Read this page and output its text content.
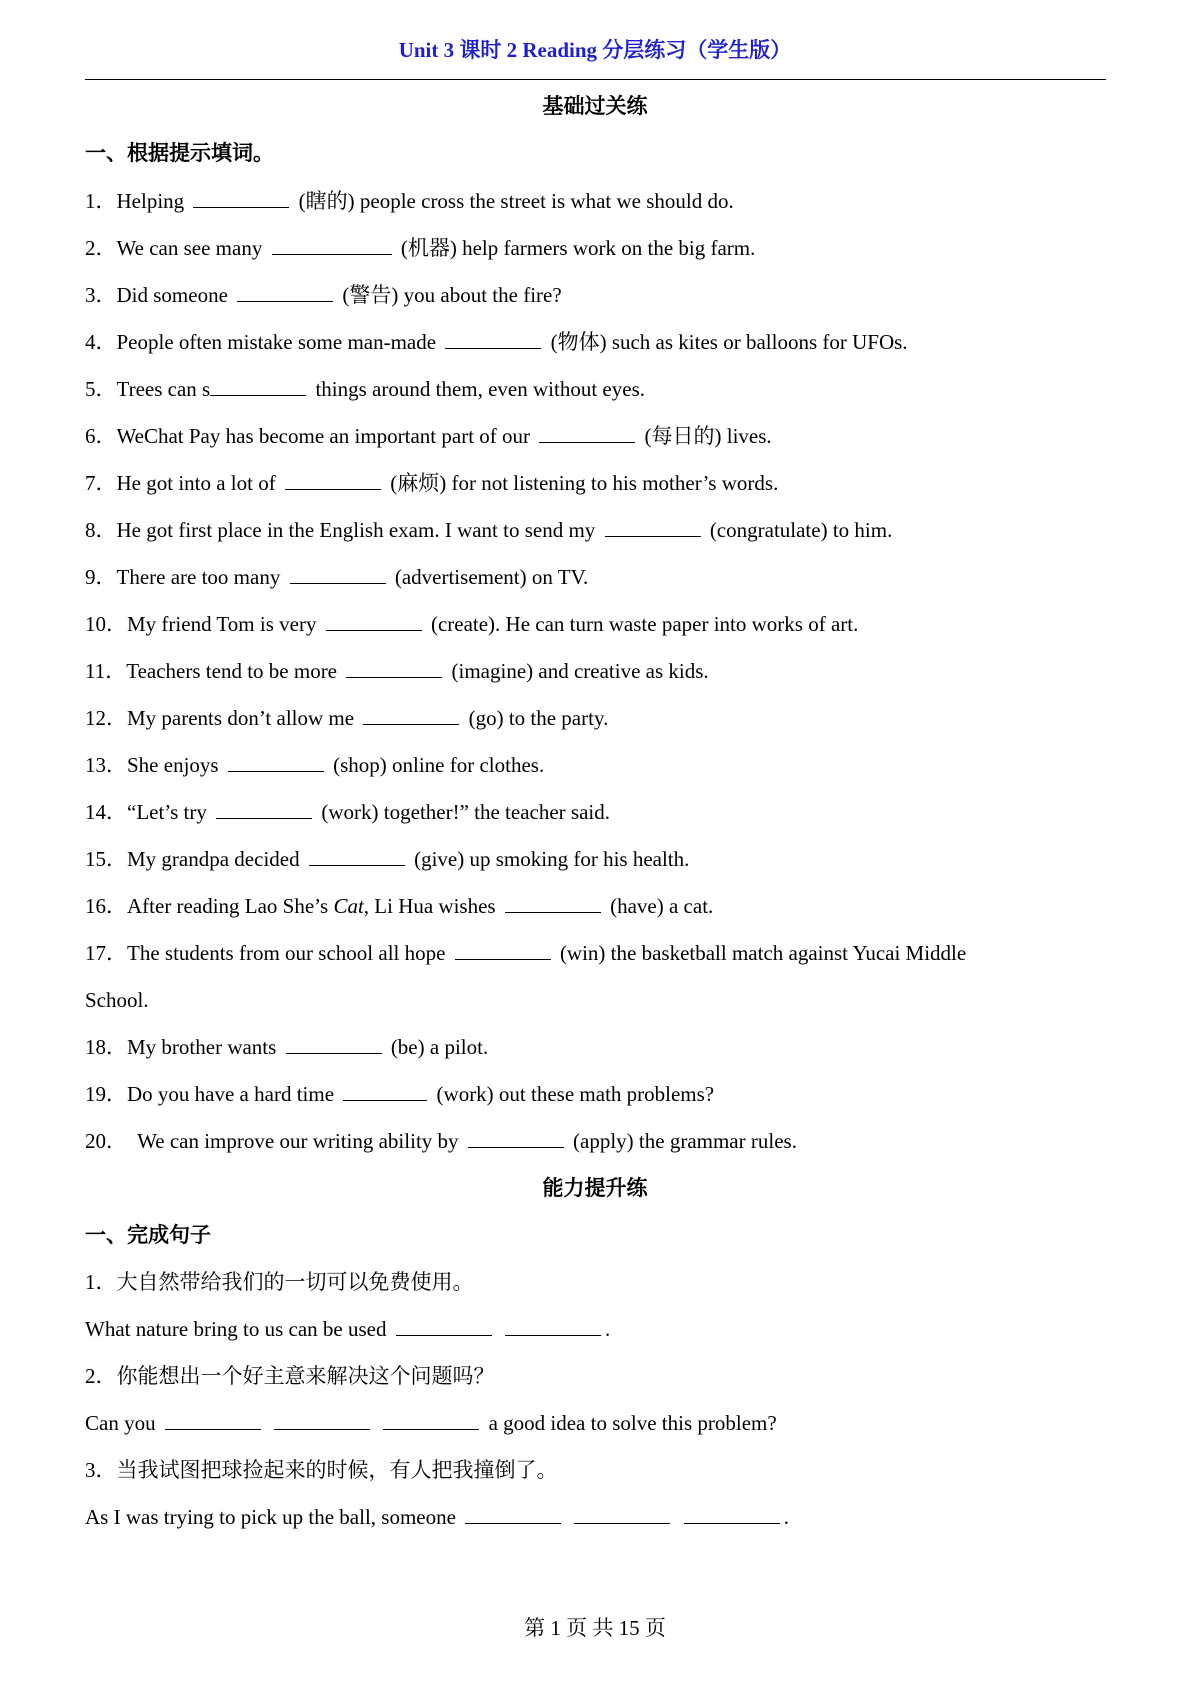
Unit 3 课时 2 Reading 分层练习（学生版）
基础过关练
一、根据提示填词。
1．Helping	(瞎的) people cross the street is what we should do.
2．We can see many	(机器) help farmers work on the big farm.
3．Did someone	(警告) you about the fire?
4．People often mistake some man-made	(物体) such as kites or balloons for UFOs.
5．Trees can s	things around them, even without eyes.
6．WeChat Pay has become an important part of our	(每日的) lives.
7．He got into a lot of	(麻烦) for not listening to his mother’s words.
8．He got first place in the English exam. I want to send my	(congratulate) to him.
9．There are too many	(advertisement) on TV.
10．My friend Tom is very	(create). He can turn waste paper into works of art.
11．Teachers tend to be more	(imagine) and creative as kids.
12．My parents don’t allow me	(go) to the party.
13．She enjoys	(shop) online for clothes.
14．“Let’s try	(work) together!” the teacher said.
15．My grandpa decided	(give) up smoking for his health.
16．After reading Lao She’s Cat, Li Hua wishes	(have) a cat.
17．The students from our school all hope	(win) the basketball match against Yucai Middle
School.
18．My brother wants	(be) a pilot.
19．Do you have a hard time	(work) out these math problems?
20． We can improve our writing ability by	(apply) the grammar rules.
能力提升练
一、完成句子
1．大自然带给我们的一切可以免费使用。
What nature bring to us can be used	.
2．你能想出一个好主意来解决这个问题吗？
Can you	a good idea to solve this problem?
3．当我试图把球捡起来的时候，有人把我撞倒了。
As I was trying to pick up the ball, someone	.
第 1 页 共 15 页
